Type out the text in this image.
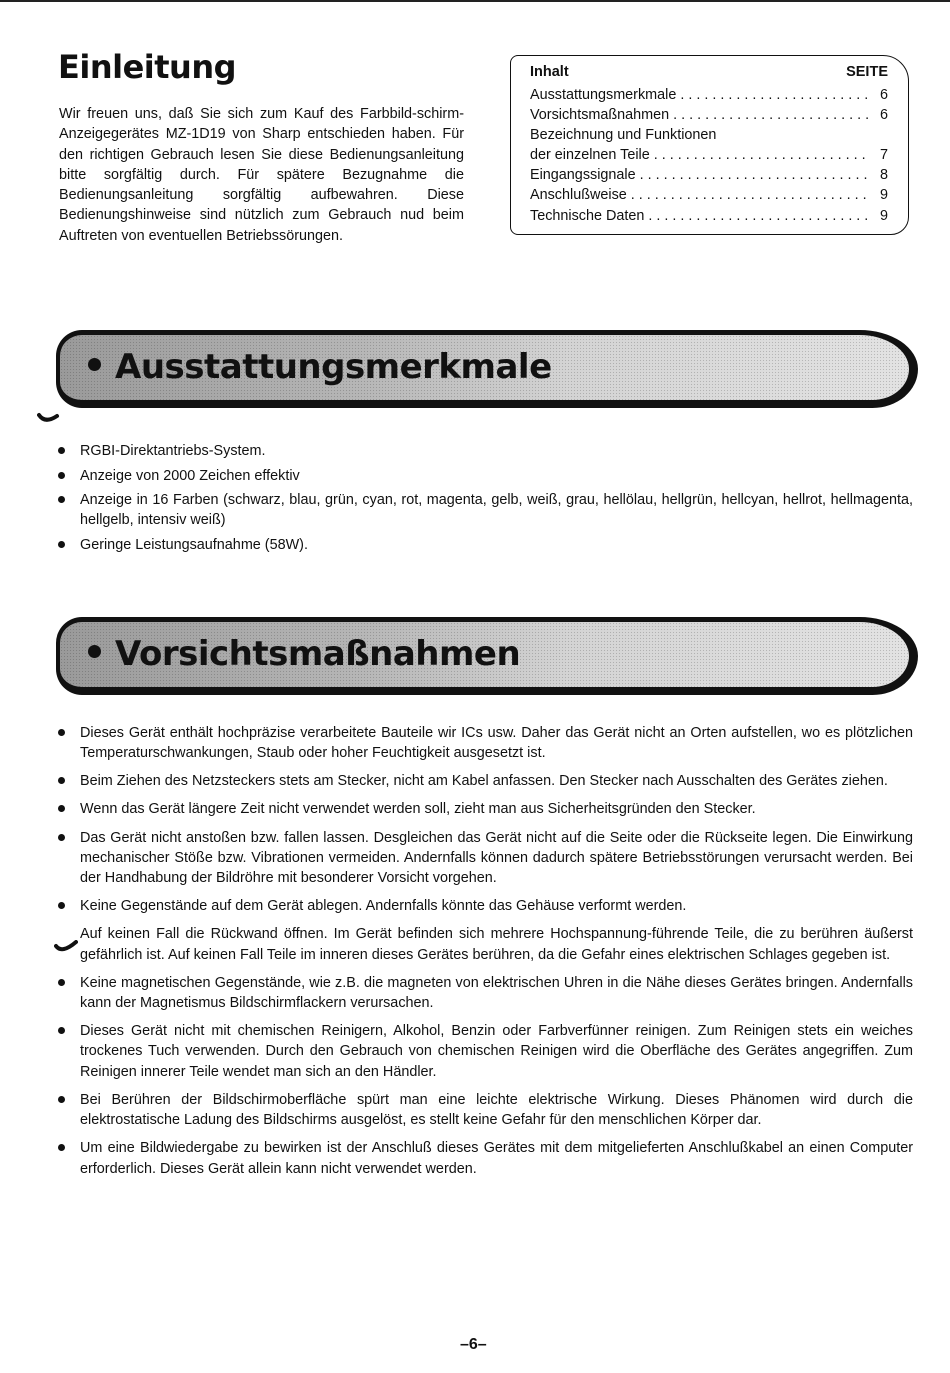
Einleitung

Wir freuen uns, daß Sie sich zum Kauf des Farbbild-schirm-Anzeigegerätes MZ-1D19 von Sharp entschieden haben. Für den richtigen Gebrauch lesen Sie diese Bedienungsanleitung bitte sorgfältig durch. Für spätere Bezugnahme die Bedienungsanleitung sorgfältig aufbewahren. Diese Bedienungshinweise sind nützlich zum Gebrauch nud beim Auftreten von eventuellen Betriebssörungen.

Inhalt	SEITE
Ausstattungsmerkmale . . .	6
Vorsichtsmaßnahmen . . .	6
Bezeichnung und Funktionen
der einzelnen Teile . . .	7
Eingangssignale . . .	8
Anschlußweise . . .	9
Technische Daten . . .	9
Ausstattungsmerkmale
RGBI-Direktantriebs-System.
Anzeige von 2000 Zeichen effektiv
Anzeige in 16 Farben (schwarz, blau, grün, cyan, rot, magenta, gelb, weiß, grau, hellölau, hellgrün, hellcyan, hellrot, hellmagenta, hellgelb, intensiv weiß)
Geringe Leistungsaufnahme (58W).
Vorsichtsmaßnahmen
Dieses Gerät enthält hochpräzise verarbeitete Bauteile wir ICs usw. Daher das Gerät nicht an Orten aufstellen, wo es plötzlichen Temperaturschwankungen, Staub oder hoher Feuchtigkeit ausgesetzt ist.
Beim Ziehen des Netzsteckers stets am Stecker, nicht am Kabel anfassen. Den Stecker nach Ausschalten des Gerätes ziehen.
Wenn das Gerät längere Zeit nicht verwendet werden soll, zieht man aus Sicherheitsgründen den Stecker.
Das Gerät nicht anstoßen bzw. fallen lassen. Desgleichen das Gerät nicht auf die Seite oder die Rückseite legen. Die Einwirkung mechanischer Stöße bzw. Vibrationen vermeiden. Andernfalls können dadurch spätere Betriebsstörungen verursacht werden. Bei der Handhabung der Bildröhre mit besonderer Vorsicht vorgehen.
Keine Gegenstände auf dem Gerät ablegen. Andernfalls könnte das Gehäuse verformt werden.
Auf keinen Fall die Rückwand öffnen. Im Gerät befinden sich mehrere Hochspannung-führende Teile, die zu berühren äußerst gefährlich ist. Auf keinen Fall Teile im inneren dieses Gerätes berühren, da die Gefahr eines elektrischen Schlages gegeben ist.
Keine magnetischen Gegenstände, wie z.B. die magneten von elektrischen Uhren in die Nähe dieses Gerätes bringen. Andernfalls kann der Magnetismus Bildschirmflackern verursachen.
Dieses Gerät nicht mit chemischen Reinigern, Alkohol, Benzin oder Farbverfünner reinigen. Zum Reinigen stets ein weiches trockenes Tuch verwenden. Durch den Gebrauch von chemischen Reinigen wird die Oberfläche des Gerätes angegriffen. Zum Reinigen innerer Teile wendet man sich an den Händler.
Bei Berühren der Bildschirmoberfläche spürt man eine leichte elektrische Wirkung. Dieses Phänomen wird durch die elektrostatische Ladung des Bildschirms ausgelöst, es stellt keine Gefahr für den menschlichen Körper dar.
Um eine Bildwiedergabe zu bewirken ist der Anschluß dieses Gerätes mit dem mitgelieferten Anschlußkabel an einen Computer erforderlich. Dieses Gerät allein kann nicht verwendet werden.
–6–
